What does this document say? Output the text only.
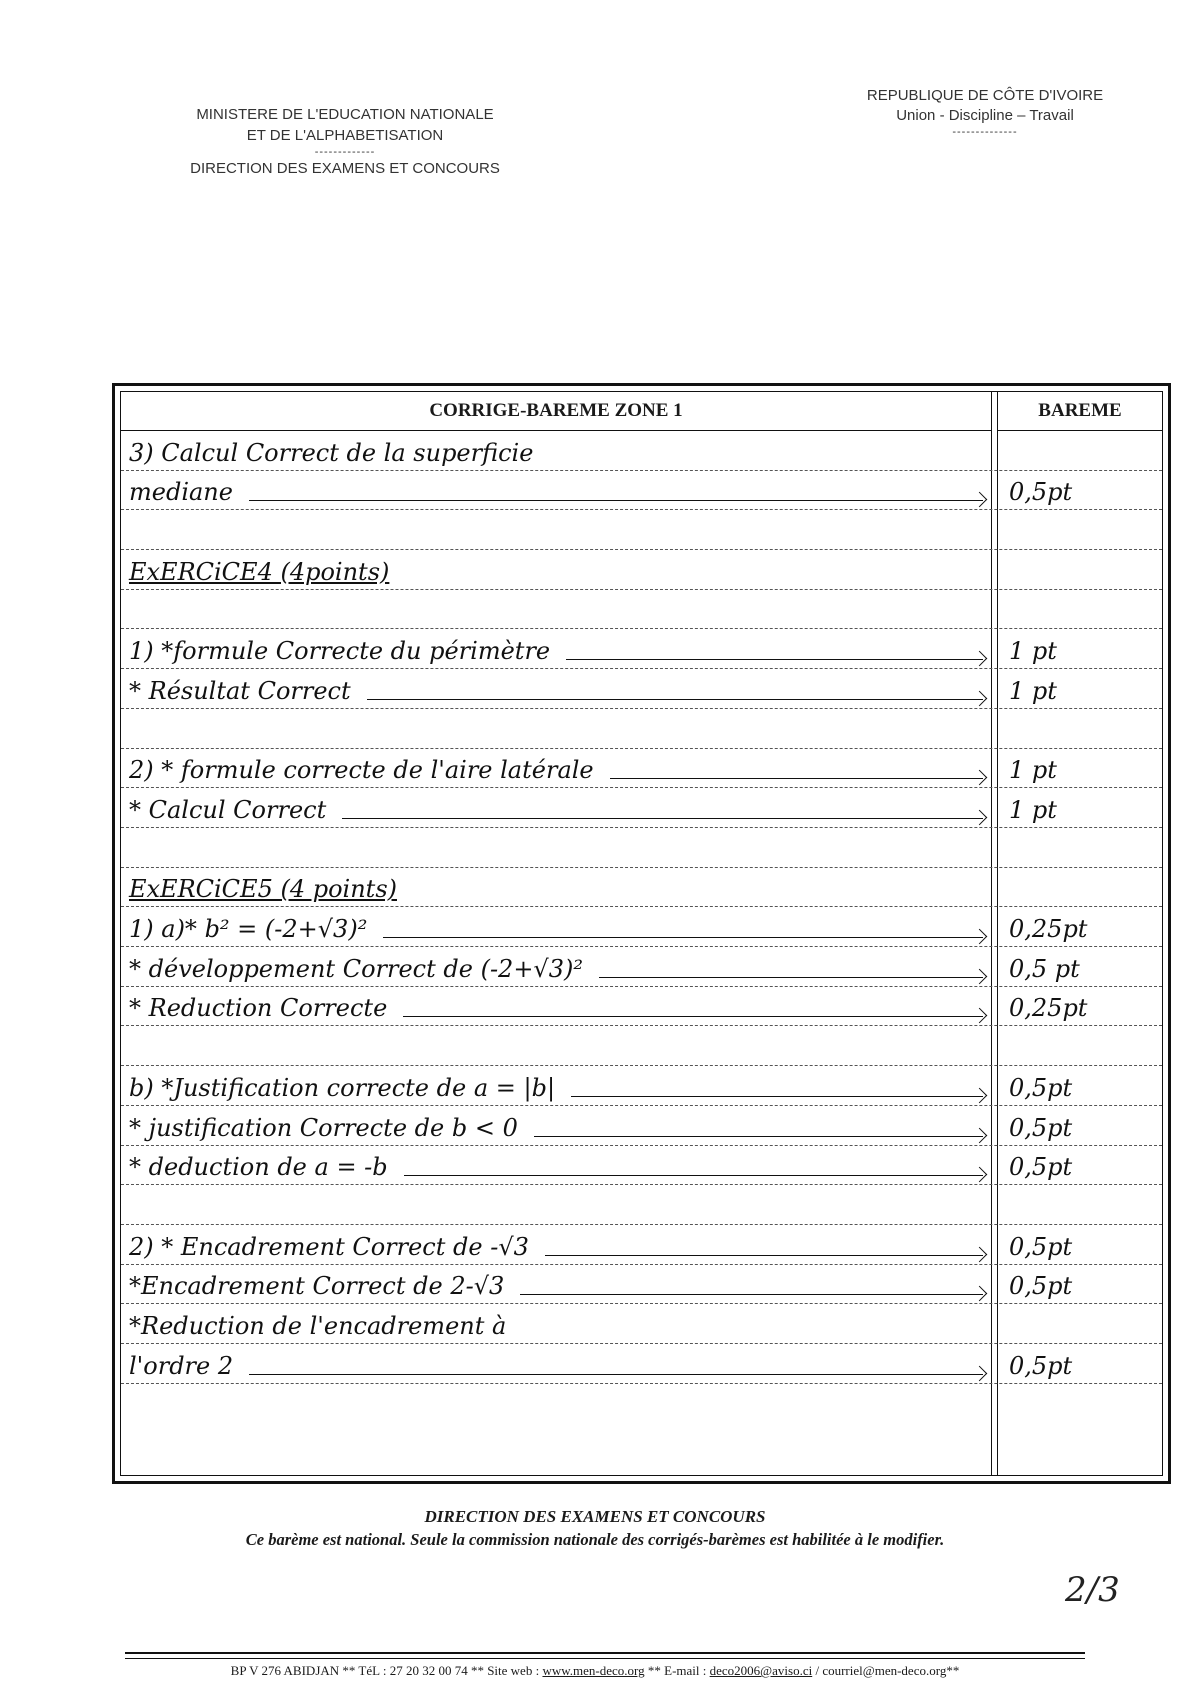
MINISTERE DE L'EDUCATION NATIONALE
ET DE L'ALPHABETISATION
-------------
DIRECTION DES EXAMENS ET CONCOURS
REPUBLIQUE DE CÔTE D'IVOIRE
Union - Discipline – Travail
--------------
CORRIGE-BAREME ZONE 1	BAREME
3) Calcul Correct de la superficie
mediane	0,5pt
ExERCiCE4 (4points)
1) *formule Correcte du périmètre	1 pt
* Résultat Correct	1 pt
2) * formule correcte de l'aire latérale	1 pt
* Calcul Correct	1 pt
ExERCiCE5 (4 points)
1) a)* b² = (-2+√3)²	0,25pt
* développement Correct de (-2+√3)²	0,5 pt
* Reduction Correcte	0,25pt
b) *Justification correcte de a = |b|	0,5pt
* justification Correcte de b < 0	0,5pt
* deduction de a = -b	0,5pt
2) * Encadrement Correct de -√3	0,5pt
*Encadrement Correct de 2-√3	0,5pt
*Reduction de l'encadrement à
l'ordre 2	0,5pt
DIRECTION DES EXAMENS ET CONCOURS
Ce barème est national. Seule la commission nationale des corrigés-barèmes est habilitée à le modifier.
2/3
BP V 276 ABIDJAN ** TéL : 27 20 32 00 74 ** Site web : www.men-deco.org ** E-mail : deco2006@aviso.ci / courriel@men-deco.org**
